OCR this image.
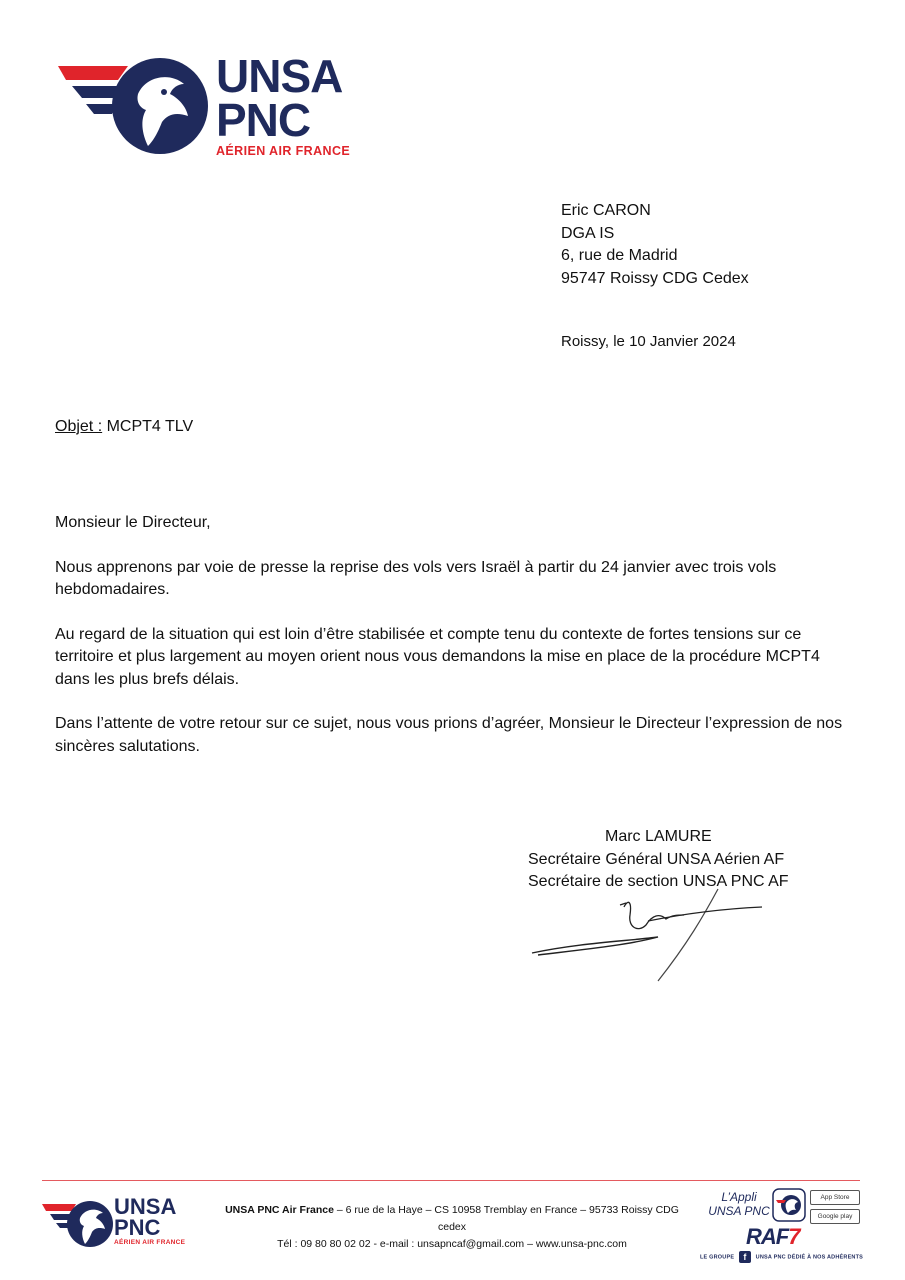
UNSA
PNC
AÉRIEN AIR FRANCE
Eric CARON
DGA IS
6, rue de Madrid
95747 Roissy CDG Cedex
Roissy, le 10 Janvier 2024
Objet : MCPT4 TLV

Monsieur le Directeur,

Nous apprenons par voie de presse la reprise des vols vers Israël à partir du 24 janvier avec trois vols hebdomadaires.

Au regard de la situation qui est loin d’être stabilisée et compte tenu du contexte de fortes tensions sur ce territoire et plus largement au moyen orient nous vous demandons la mise en place de la procédure MCPT4 dans les plus brefs délais.

Dans l’attente de votre retour sur ce sujet, nous vous prions d’agréer, Monsieur le Directeur l’expression de nos sincères salutations.

Marc LAMURE
Secrétaire Général UNSA Aérien AF
Secrétaire de section UNSA PNC AF
UNSA
PNC
AÉRIEN AIR FRANCE
UNSA PNC Air France – 6 rue de la Haye – CS 10958 Tremblay en France – 95733 Roissy CDG cedex
Tél : 09 80 80 02 02 - e-mail : unsapncaf@gmail.com – www.unsa-pnc.com
L’Appli
UNSA PNC
App Store
Google play
RAF7
LE GROUPE f UNSA PNC DÉDIÉ À NOS ADHÉRENTS
